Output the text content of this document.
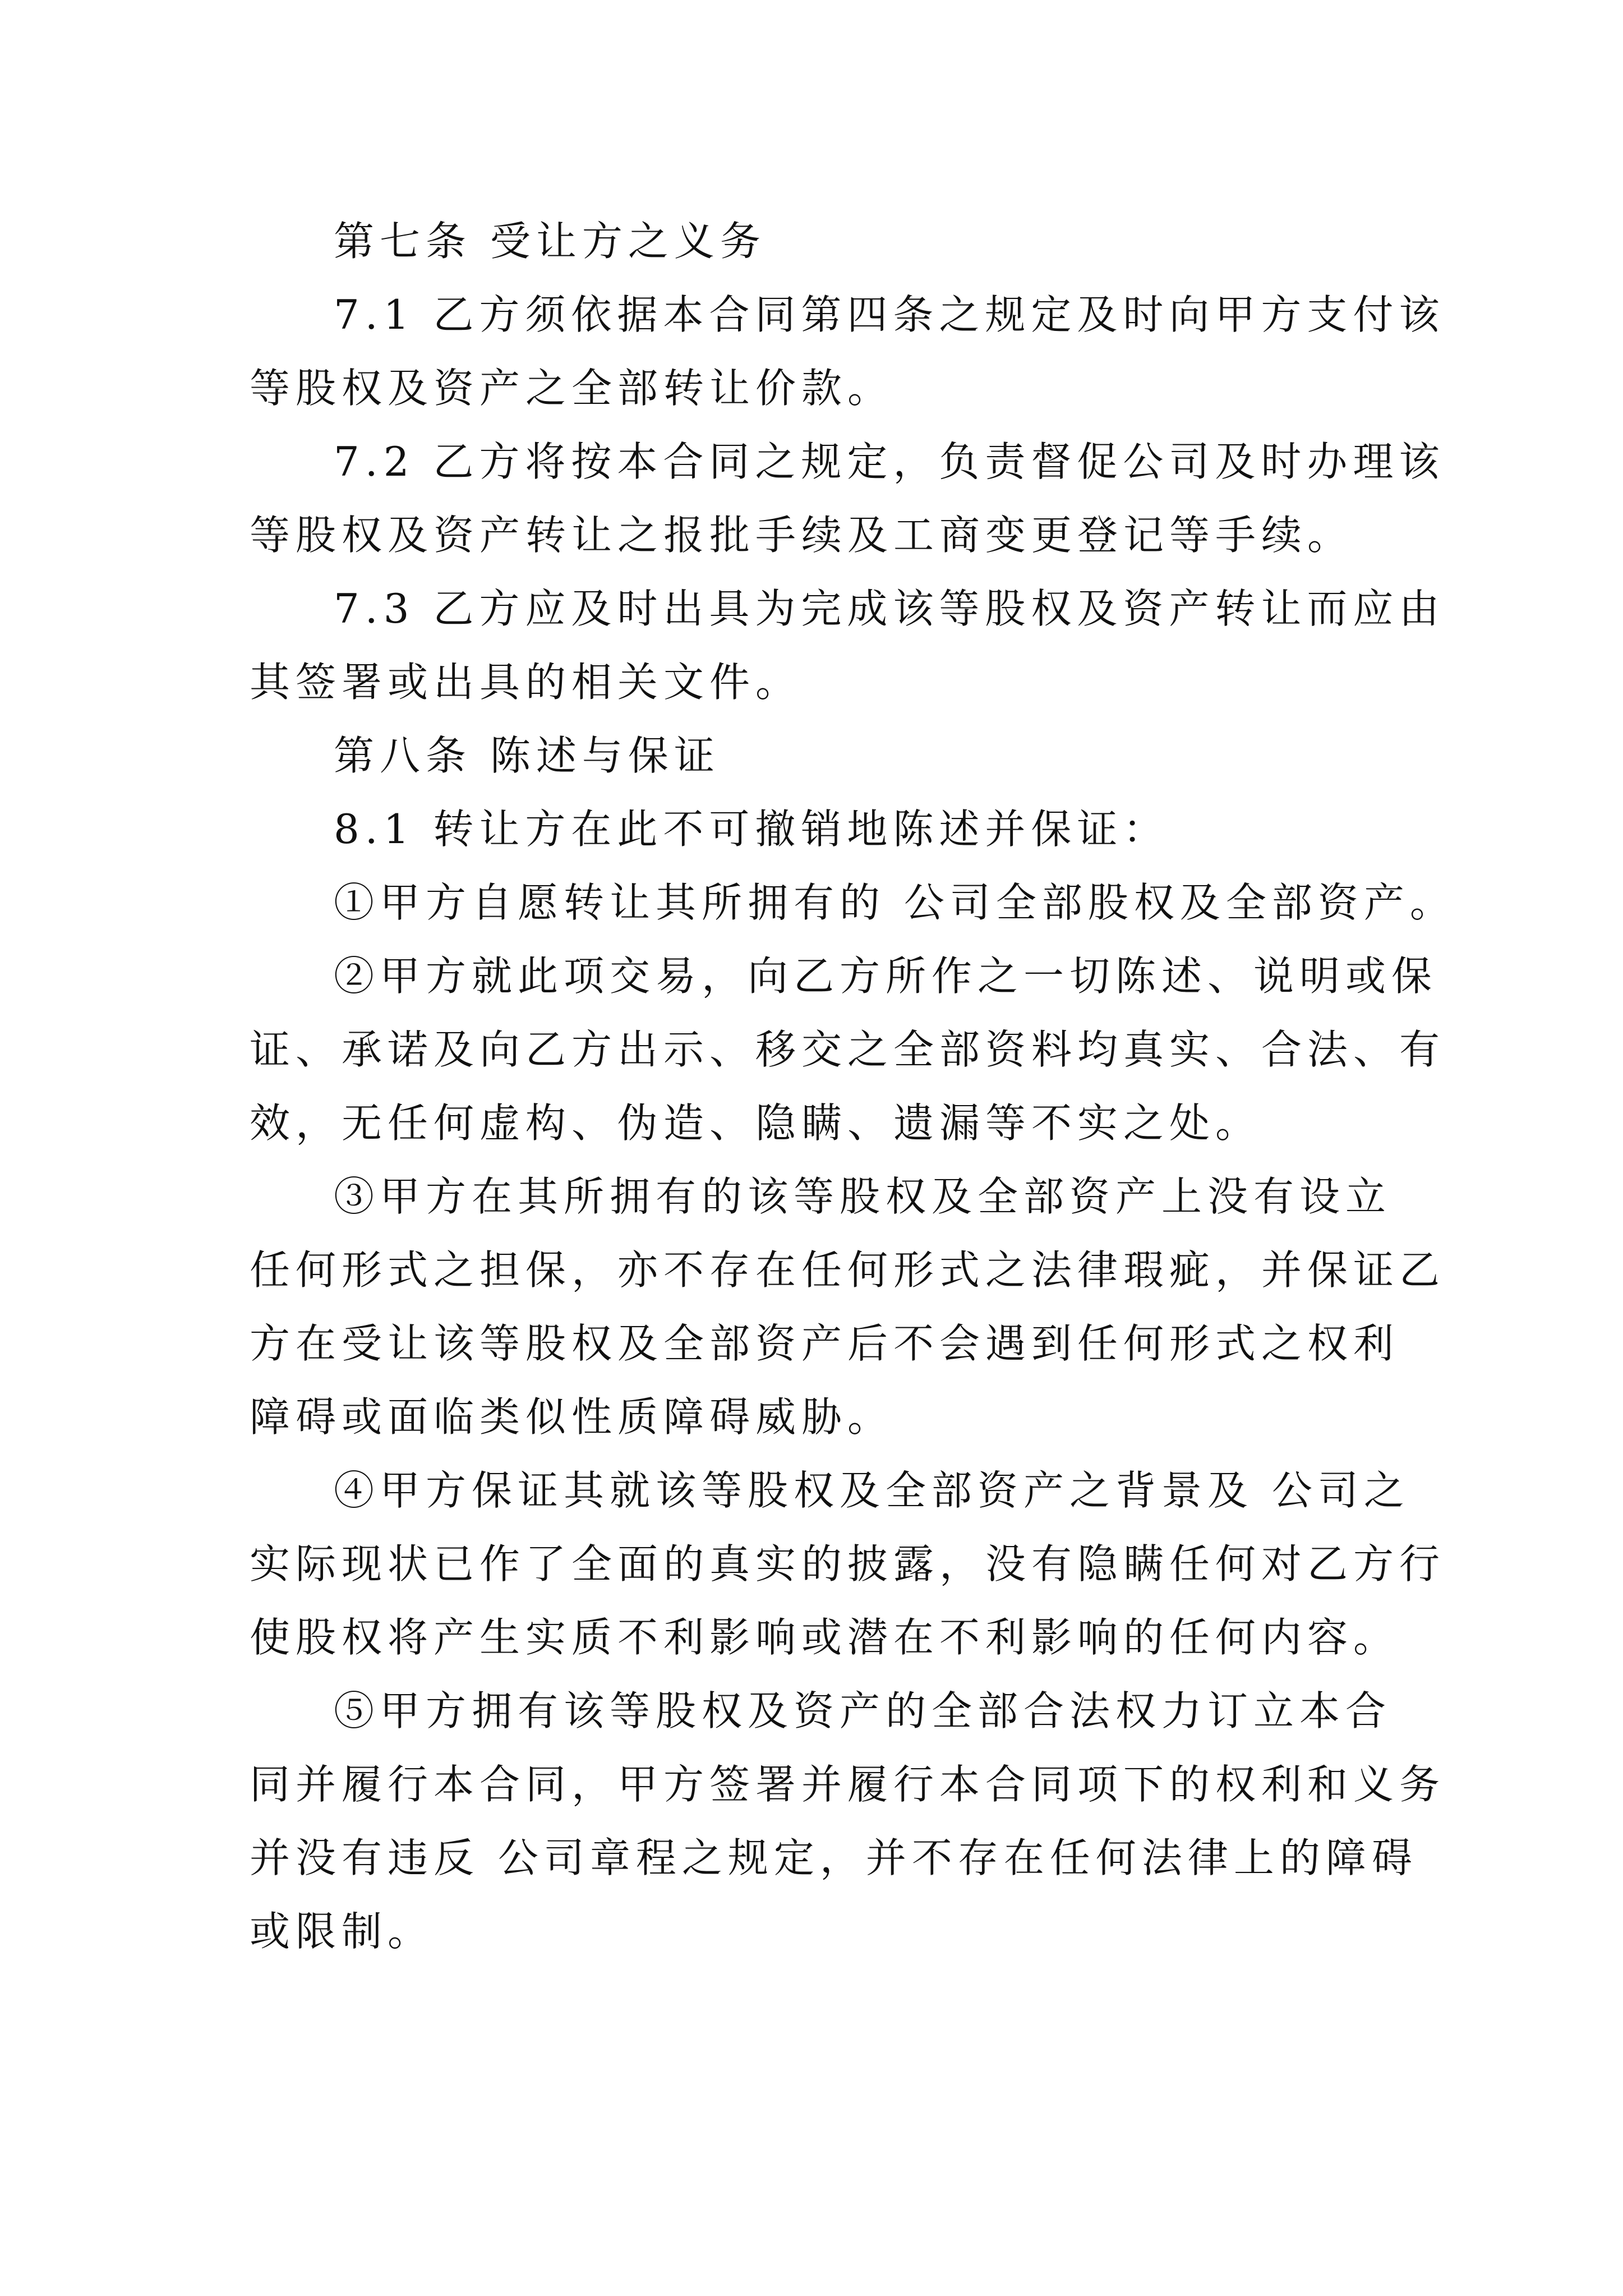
第七条 受让方之义务
7.1 乙方须依据本合同第四条之规定及时向甲方支付该
等股权及资产之全部转让价款。
7.2 乙方将按本合同之规定，负责督促公司及时办理该
等股权及资产转让之报批手续及工商变更登记等手续。
7.3 乙方应及时出具为完成该等股权及资产转让而应由
其签署或出具的相关文件。
第八条 陈述与保证
8.1 转让方在此不可撤销地陈述并保证：
①甲方自愿转让其所拥有的 公司全部股权及全部资产。
②甲方就此项交易，向乙方所作之一切陈述、说明或保
证、承诺及向乙方出示、移交之全部资料均真实、合法、有
效，无任何虚构、伪造、隐瞒、遗漏等不实之处。
③甲方在其所拥有的该等股权及全部资产上没有设立
任何形式之担保，亦不存在任何形式之法律瑕疵，并保证乙
方在受让该等股权及全部资产后不会遇到任何形式之权利
障碍或面临类似性质障碍威胁。
④甲方保证其就该等股权及全部资产之背景及 公司之
实际现状已作了全面的真实的披露，没有隐瞒任何对乙方行
使股权将产生实质不利影响或潜在不利影响的任何内容。
⑤甲方拥有该等股权及资产的全部合法权力订立本合
同并履行本合同，甲方签署并履行本合同项下的权利和义务
并没有违反 公司章程之规定，并不存在任何法律上的障碍
或限制。
